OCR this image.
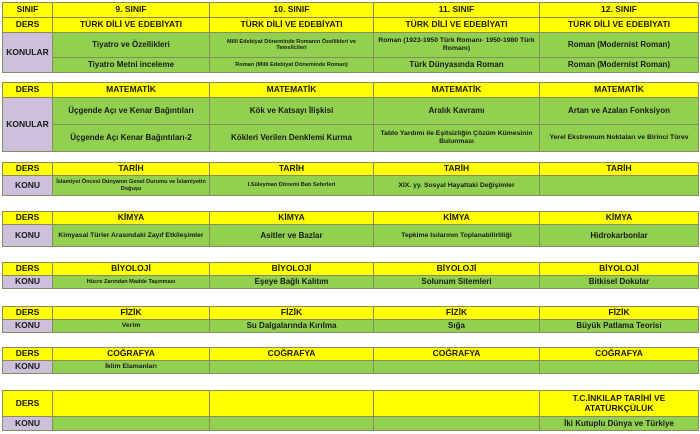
SINIF	9. SINIF	10. SINIF	11. SINIF	12. SINIF
DERS	TÜRK DİLİ VE EDEBİYATI	TÜRK DİLİ VE EDEBİYATI	TÜRK DİLİ VE EDEBİYATI	TÜRK DİLİ VE EDEBİYATI
KONULAR	Tiyatro ve Özellikleri	Milli Edebiyat Döneminde Romanın Özellikleri ve Temsilcileri	Roman (1923-1950 Türk Romanı- 1950-1980 Türk Romanı)	Roman (Modernist Roman)
	Tiyatro Metni inceleme	Roman (Milli Edebiyat Döneminde Roman)	Türk Dünyasında Roman	Roman (Modernist Roman)
DERS	MATEMATİK	MATEMATİK	MATEMATİK	MATEMATİK
KONULAR	Üçgende Açı ve Kenar Bağıntıları	Kök ve Katsayı İlişkisi	Aralık Kavramı	Artan ve Azalan Fonksiyon
	Üçgende Açı Kenar Bağıntıları-2	Kökleri Verilen Denklemi Kurma	Tablo Yardımı ile Eşitsizliğin Çözüm Kümesinin Bulunması	Yerel Ekstremum Noktaları ve Birinci Türev
DERS	TARİH	TARİH	TARİH	TARİH
KONU	İslamiyet Öncesi Dünyanın Genel Durumu ve İslamiyetin Doğuşu	I.Süleyman Dönemi Batı Seferleri	XIX. yy. Sosyal Hayattaki Değişimler	
DERS	KİMYA	KİMYA	KİMYA	KİMYA
KONU	Kimyasal Türler Arasındaki Zayıf Etkileşimler	Asitler ve Bazlar	Tepkime Isılarının Toplanabilirliliği	Hidrokarbonlar
DERS	BİYOLOJİ	BİYOLOJİ	BİYOLOJİ	BİYOLOJİ
KONU	Hücre Zarından Madde Taşınması	Eşeye Bağlı Kalıtım	Solunum Sitemleri	Bitkisel Dokular
DERS	FİZİK	FİZİK	FİZİK	FİZİK
KONU	Verim	Su Dalgalarında Kırılma	Sığa	Büyük Patlama Teorisi
DERS	COĞRAFYA	COĞRAFYA	COĞRAFYA	COĞRAFYA
KONU	İklim Elamanları			
DERS				T.C.İNKILAP TARİHİ VE ATATÜRKÇÜLÜK
KONU				İki Kutuplu Dünya ve Türkiye
